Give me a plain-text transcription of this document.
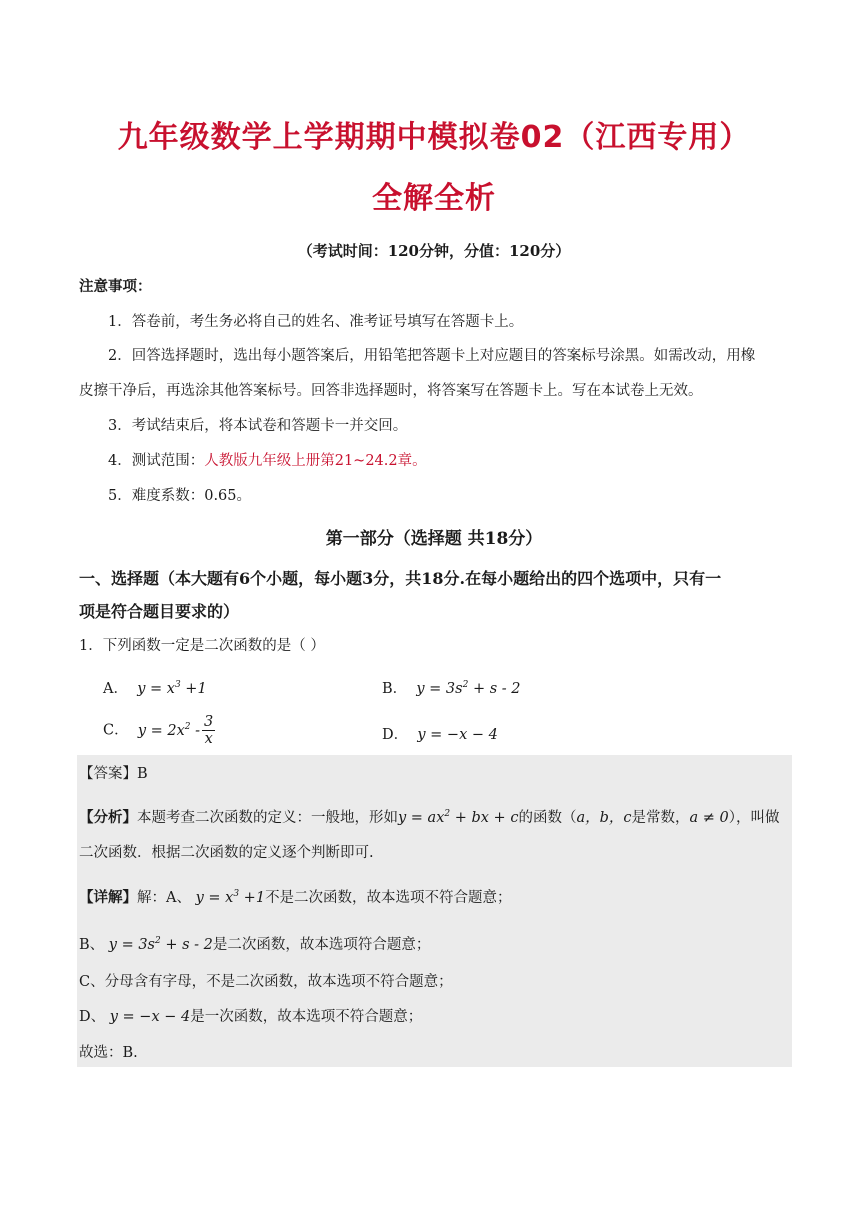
九年级数学上学期期中模拟卷02（江西专用）
全解全析
（考试时间：120分钟，分值：120分）
注意事项：
1．答卷前，考生务必将自己的姓名、准考证号填写在答题卡上。
2．回答选择题时，选出每小题答案后，用铅笔把答题卡上对应题目的答案标号涂黑。如需改动，用橡
皮擦干净后，再选涂其他答案标号。回答非选择题时，将答案写在答题卡上。写在本试卷上无效。
3．考试结束后，将本试卷和答题卡一并交回。
4．测试范围：人教版九年级上册第21~24.2章。
5．难度系数：0.65。
第一部分（选择题 共18分）
一、选择题（本大题有6个小题，每小题3分，共18分.在每小题给出的四个选项中，只有一
项是符合题目要求的）
1．下列函数一定是二次函数的是（ ）
A．  $y = x^3 +1$	B．  $y = 3s^2 + s - 2$
C．  $y = 2x^2 - \frac{3}{x}$	D．  y = −x − 4
【答案】B
【分析】本题考查二次函数的定义：一般地，形如$y = ax^2$ + bx + c的函数（a，b，c是常数，a ≠ 0），叫做
二次函数．根据二次函数的定义逐个判断即可.
【详解】解：A、 $y = x^3 +1$不是二次函数，故本选项不符合题意；
B、 $y = 3s^2 + s - 2$是二次函数，故本选项符合题意；
C、分母含有字母，不是二次函数，故本选项不符合题意；
D、 y = −x − 4是一次函数，故本选项不符合题意；
故选：B.
